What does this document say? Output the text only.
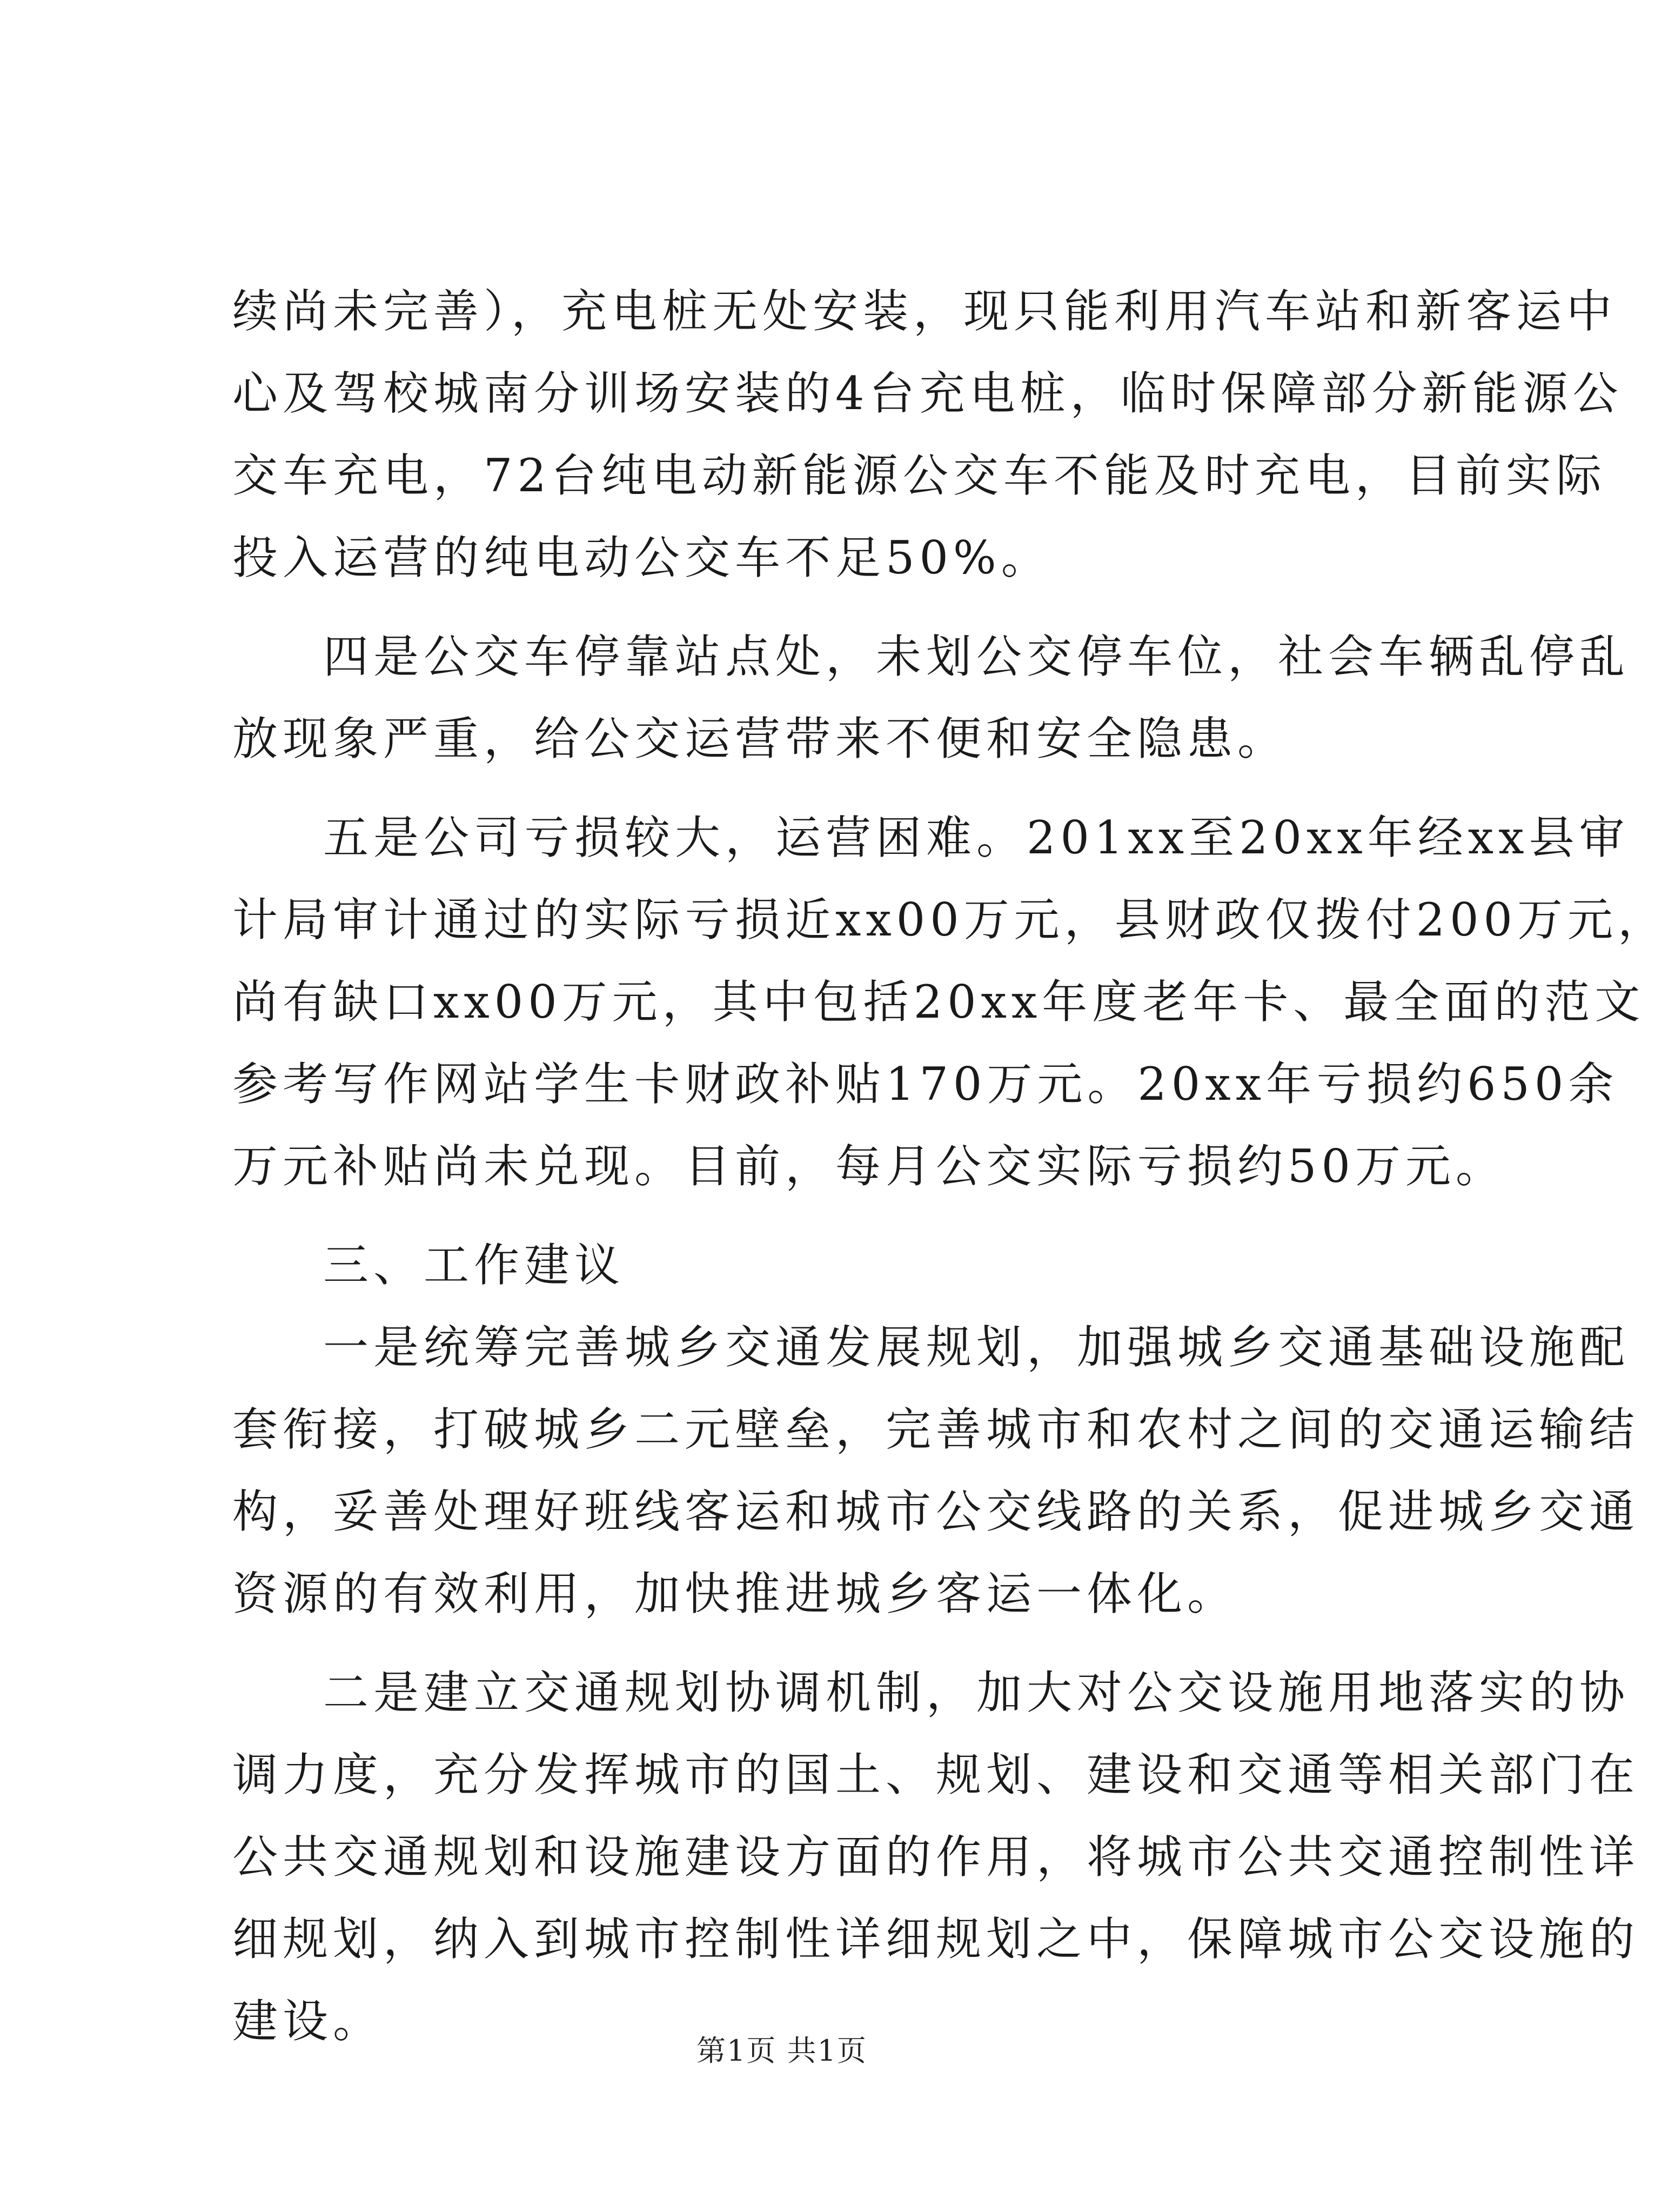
续尚未完善），充电桩无处安装，现只能利用汽车站和新客运中
心及驾校城南分训场安装的4台充电桩，临时保障部分新能源公
交车充电，72台纯电动新能源公交车不能及时充电，目前实际
投入运营的纯电动公交车不足50%。
四是公交车停靠站点处，未划公交停车位，社会车辆乱停乱
放现象严重，给公交运营带来不便和安全隐患。
五是公司亏损较大，运营困难。201xx至20xx年经xx县审
计局审计通过的实际亏损近xx00万元，县财政仅拨付200万元，
尚有缺口xx00万元，其中包括20xx年度老年卡、最全面的范文
参考写作网站学生卡财政补贴170万元。20xx年亏损约650余
万元补贴尚未兑现。目前，每月公交实际亏损约50万元。
三、工作建议
一是统筹完善城乡交通发展规划，加强城乡交通基础设施配
套衔接，打破城乡二元壁垒，完善城市和农村之间的交通运输结
构，妥善处理好班线客运和城市公交线路的关系，促进城乡交通
资源的有效利用，加快推进城乡客运一体化。
二是建立交通规划协调机制，加大对公交设施用地落实的协
调力度，充分发挥城市的国土、规划、建设和交通等相关部门在
公共交通规划和设施建设方面的作用，将城市公共交通控制性详
细规划，纳入到城市控制性详细规划之中，保障城市公交设施的
建设。
第1页 共1页
